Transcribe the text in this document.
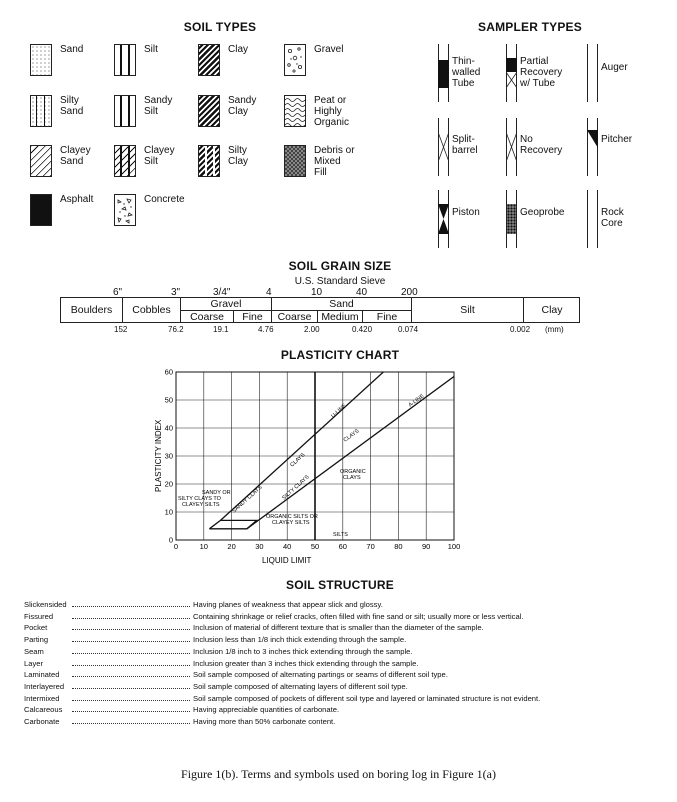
SOIL TYPES
Sand	Silt	Clay	Gravel
Silty
Sand
Sandy
Silt
Sandy
Clay
Peat or
Highly
Organic
Clayey
Sand
Clayey
Silt
Silty
Clay
Debris or
Mixed
Fill
Asphalt	Concrete
SAMPLER TYPES
Thin-
walled
Tube
Partial
Recovery
w/ Tube
Auger
Split-
barrel
No
Recovery
Pitcher
Piston	Geoprobe	Rock
Core
SOIL GRAIN SIZE
U.S. Standard Sieve
6"	3"	3/4"	4	10	40	200
Boulders	Cobbles	Gravel	Sand
Coarse	Fine	Coarse Medium	Fine
Silt	Clay
152	76.2	19.1	4.76	2.00	0.420	0.074	0.002 (mm)
PLASTICITY CHART
0	10	20	30	40	50	60	70	80	90 100
0
10
20
30
40
50
60
LIQUID LIMIT
PLASTICITY INDEX
U-LINE
A-LINE
CLAYS
CLAYS
SILTY CLAYS
SANDY CLAYS
ORGANIC CLAYS
SANDY OR SILTY CLAYS TO CLAYEY SILTS
ORGANIC SILTS OR CLAYEY SILTS
SILTS
SOIL STRUCTURE
Slickensided	Having planes of weakness that appear slick and glossy.
Fissured	Containing shrinkage or relief cracks, often filled with fine sand or silt; usually more or less vertical.
Pocket	Inclusion of material of different texture that is smaller than the diameter of the sample.
Parting	Inclusion less than 1/8 inch thick extending through the sample.
Seam	Inclusion 1/8 inch to 3 inches thick extending through the sample.
Layer	Inclusion greater than 3 inches thick extending through the sample.
Laminated	Soil sample composed of alternating partings or seams of different soil type.
Interlayered	Soil sample composed of alternating layers of different soil type.
Intermixed	Soil sample composed of pockets of different soil type and layered or laminated structure is not evident.
Calcareous	Having appreciable quantities of carbonate.
Carbonate	Having more than 50% carbonate content.
Figure 1(b). Terms and symbols used on boring log in Figure 1(a)
